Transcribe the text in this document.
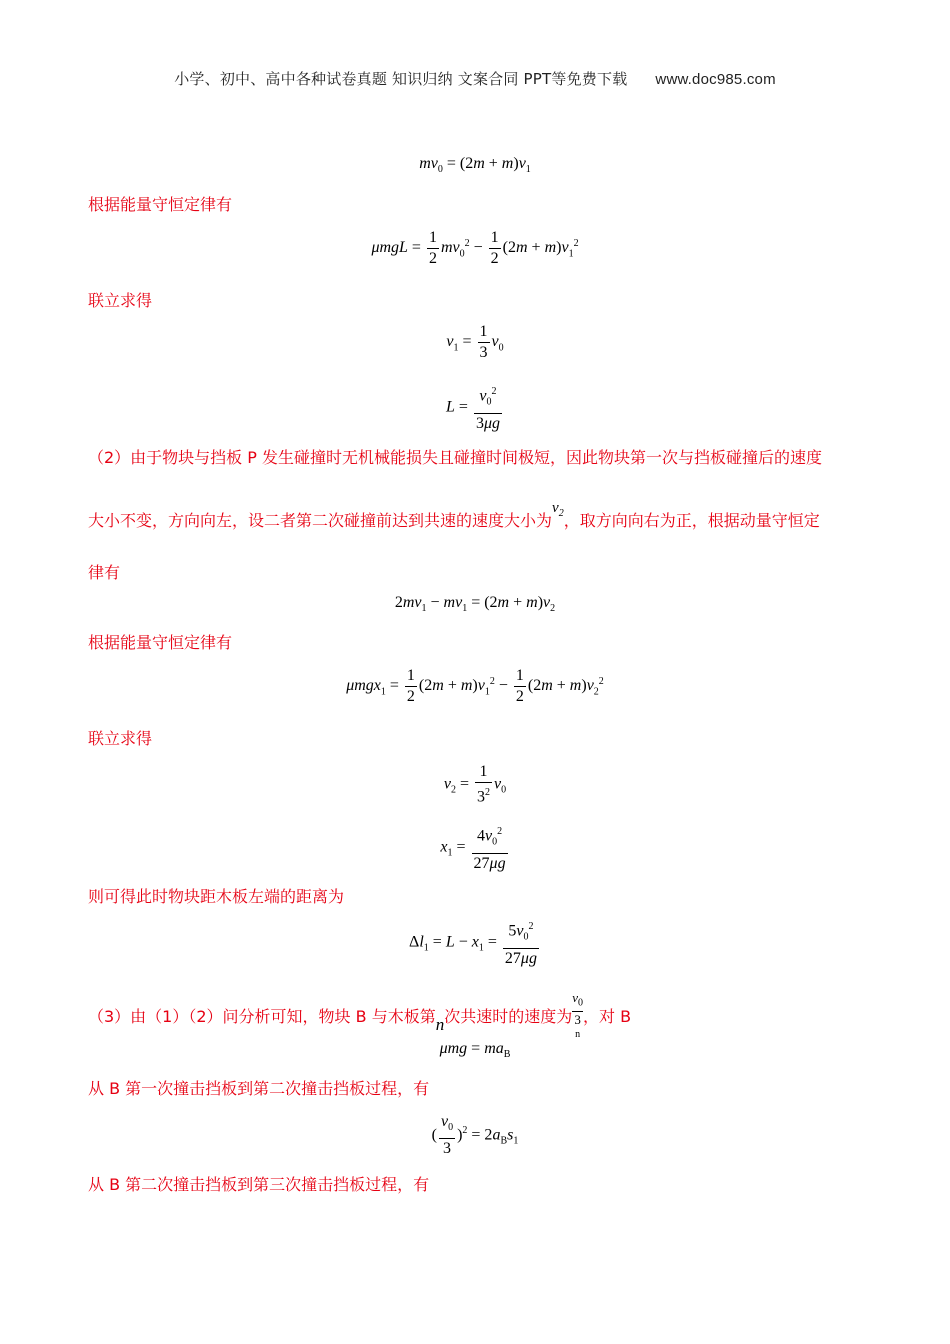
小学、初中、高中各种试卷真题 知识归纳 文案合同 PPT等免费下载 www.doc985.com
$mv_0 = (2m + m)v_1$
根据能量守恒定律有
$\mu mgL = \frac{1}{2} mv_0^2 - \frac{1}{2} (2m + m)v_1^2$
联立求得
$v_1 = \frac{1}{3} v_0$
$L = \frac{v_0^2}{3\mu g}$
（2）由于物块与挡板 P 发生碰撞时无机械能损失且碰撞时间极短，因此物块第一次与挡板碰撞后的速度
大小不变，方向向左，设二者第二次碰撞前达到共速的速度大小为$v_2$，取方向向右为正，根据动量守恒定
律有
$2mv_1 - mv_1 = (2m + m)v_2$
根据能量守恒定律有
$\mu mgx_1 = \frac{1}{2} (2m + m)v_1^2 - \frac{1}{2} (2m + m)v_2^2$
联立求得
$v_2 = \frac{1}{3^2} v_0$
$x_1 = \frac{4v_0^2}{27\mu g}$
则可得此时物块距木板左端的距离为
$\Delta l_1 = L - x_1 = \frac{5v_0^2}{27\mu g}$
（3）由（1）（2）问分析可知，物块 B 与木板第n次共速时的速度为 $v_0$
3
$^n$ ，对 B
$\mu mg = ma_B$
从 B 第一次撞击挡板到第二次撞击挡板过程，有
( $\frac{v_0}{3} )^2 = 2a_Bs_1$
从 B 第二次撞击挡板到第三次撞击挡板过程，有
